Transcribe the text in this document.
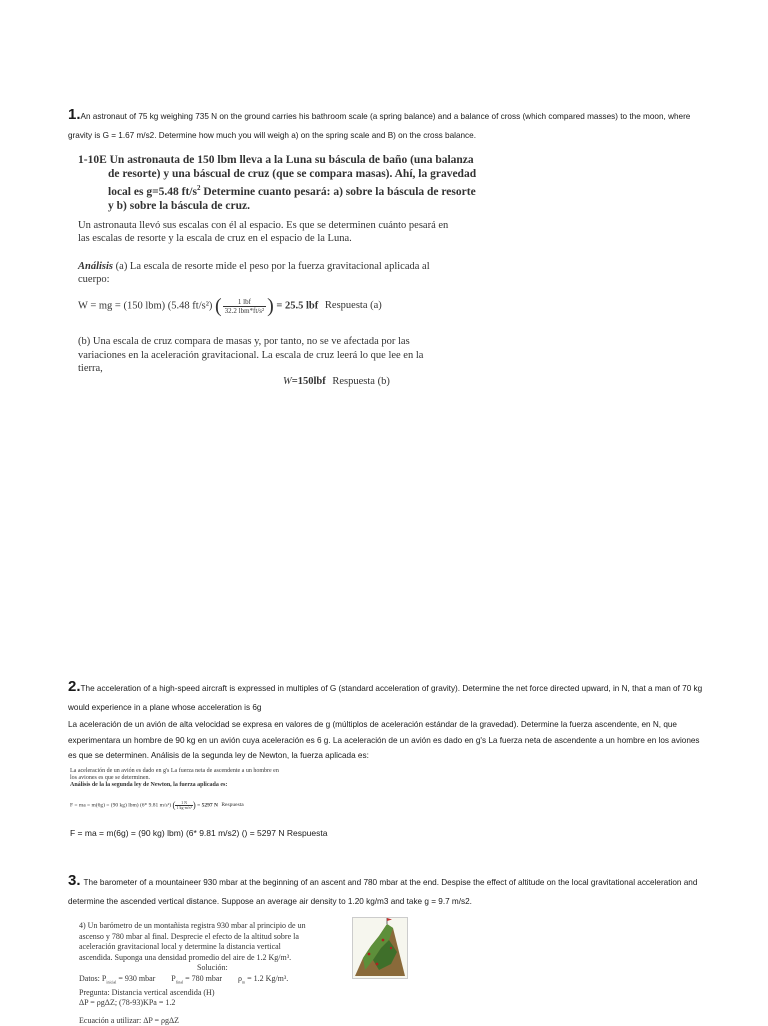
1.An astronaut of 75 kg weighing 735 N on the ground carries his bathroom scale (a spring balance) and a balance of cross (which compared masses) to the moon, where gravity is G = 1.67 m/s2. Determine how much you will weigh a) on the spring scale and B) on the cross balance.
1-10E Un astronauta de 150 lbm lleva a la Luna su báscula de baño (una balanza
de resorte) y una báscual de cruz (que se compara masas). Ahí, la gravedad
local es g=5.48 $ft/s^2$ Determine cuanto pesará: a) sobre la báscula de resorte
y b) sobre la báscula de cruz.
Un astronauta llevó sus escalas con él al espacio. Es que se determinen cuánto pesará en
las escalas de resorte y la escala de cruz en el espacio de la Luna.
Análisis (a) La escala de resorte mide el peso por la fuerza gravitacional aplicada al
cuerpo:
W = mg = (150 lbm) (5.48 ft/s²) ( $\frac{\text{1 lbf}}{\text{32.2 lbm*ft/s²}}$ ) = 25.5 lbf Respuesta (a)
(b) Una escala de cruz compara de masas y, por tanto, no se ve afectada por las
variaciones en la aceleración gravitacional. La escala de cruz leerá lo que lee en la
tierra,
W=150lbf Respuesta (b)
2.The acceleration of a high-speed aircraft is expressed in multiples of G (standard acceleration of gravity). Determine the net force directed upward, in N, that a man of 70 kg would experience in a plane whose acceleration is 6g
La aceleración de un avión de alta velocidad se expresa en valores de g (múltiplos de aceleración estándar de la gravedad). Determine la fuerza ascendente, en N, que experimentara un hombre de 90 kg en un avión cuya aceleración es 6 g. La aceleración de un avión es dado en g's La fuerza neta de ascendente a un hombre en los aviones es que se determinen. Análisis de la segunda ley de Newton, la fuerza aplicada es:
La aceleración de un avión es dado en g's La fuerza neta de ascendente a un hombre en
los aviones es que se determinen.
Análisis de la la segunda ley de Newton, la fuerza aplicada es:
F = ma = m(6g) = (90 kg) lbm) (6* 9.81 m/s²) ( $\frac{1 N}{\text{1 kg·m/s²}}$ ) = 5297 N Respuesta
F = ma = m(6g) = (90 kg) lbm) (6* 9.81 m/s2) () = 5297 N Respuesta
3. The barometer of a mountaineer 930 mbar at the beginning of an ascent and 780 mbar at the end. Despise the effect of altitude on the local gravitational acceleration and determine the ascended vertical distance. Suppose an average air density to 1.20 kg/m3 and take g = 9.7 m/s2.
4) Un barómetro de un montañista registra 930 mbar al principio de un
ascenso y 780 mbar al final. Desprecie el efecto de la altitud sobre la
aceleración gravitacional local y determine la distancia vertical
ascendida. Suponga una densidad promedio del aire de 1.2 Kg/m³.
Solución:
Datos: $P_{inicial} = 930$ mbar $P_{final} = 780$ mbar $\rho_m = 1.2$ Kg/m³.
Pregunta: Distancia vertical ascendida (H)
ΔP = ρgΔZ; (78-93)KPa = 1.2
Ecuación a utilizar: ΔP = ρgΔZ
